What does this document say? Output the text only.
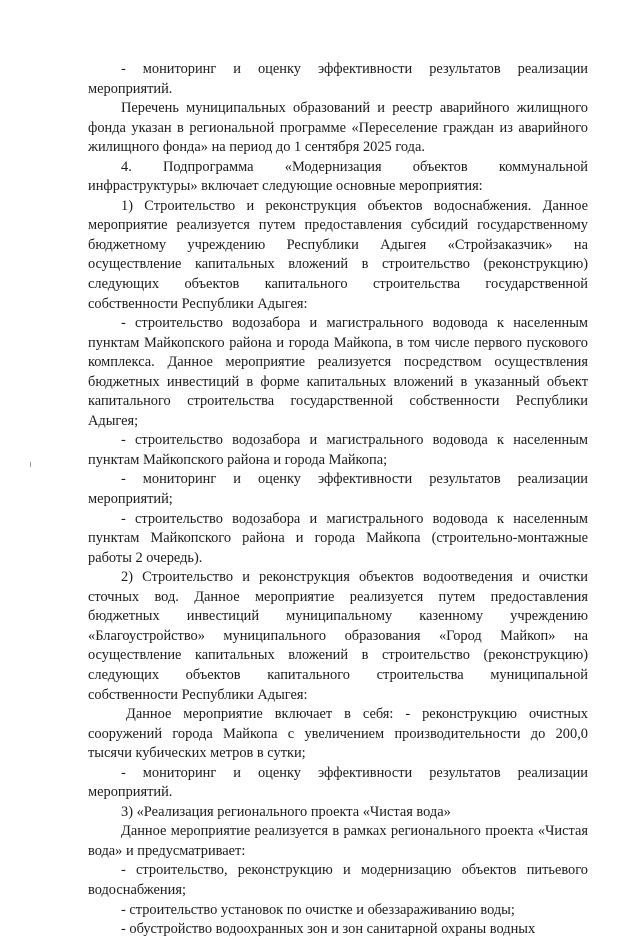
- мониторинг и оценку эффективности результатов реализации мероприятий.

Перечень муниципальных образований и реестр аварийного жилищного фонда указан в региональной программе «Переселение граждан из аварийного жилищного фонда» на период до 1 сентября 2025 года.

4. Подпрограмма «Модернизация объектов коммунальной инфраструктуры» включает следующие основные мероприятия:

1) Строительство и реконструкция объектов водоснабжения. Данное мероприятие реализуется путем предоставления субсидий государственному бюджетному учреждению Республики Адыгея «Стройзаказчик» на осуществление капитальных вложений в строительство (реконструкцию) следующих объектов капитального строительства государственной собственности Республики Адыгея:

- строительство водозабора и магистрального водовода к населенным пунктам Майкопского района и города Майкопа, в том числе первого пускового комплекса. Данное мероприятие реализуется посредством осуществления бюджетных инвестиций в форме капитальных вложений в указанный объект капитального строительства государственной собственности Республики Адыгея;

- строительство водозабора и магистрального водовода к населенным пунктам Майкопского района и города Майкопа;

- мониторинг и оценку эффективности результатов реализации мероприятий;

- строительство водозабора и магистрального водовода к населенным пунктам Майкопского района и города Майкопа (строительно-монтажные работы 2 очередь).

2) Строительство и реконструкция объектов водоотведения и очистки сточных вод. Данное мероприятие реализуется путем предоставления бюджетных инвестиций муниципальному казенному учреждению «Благоустройство» муниципального образования «Город Майкоп» на осуществление капитальных вложений в строительство (реконструкцию) следующих объектов капитального строительства муниципальной собственности Республики Адыгея:

Данное мероприятие включает в себя: - реконструкцию очистных сооружений города Майкопа с увеличением производительности до 200,0 тысячи кубических метров в сутки;

- мониторинг и оценку эффективности результатов реализации мероприятий.

3) «Реализация регионального проекта «Чистая вода»

Данное мероприятие реализуется в рамках регионального проекта «Чистая вода» и предусматривает:

- строительство, реконструкцию и модернизацию объектов питьевого водоснабжения;

- строительство установок по очистке и обеззараживанию воды;

- обустройство водоохранных зон и зон санитарной охраны водных
